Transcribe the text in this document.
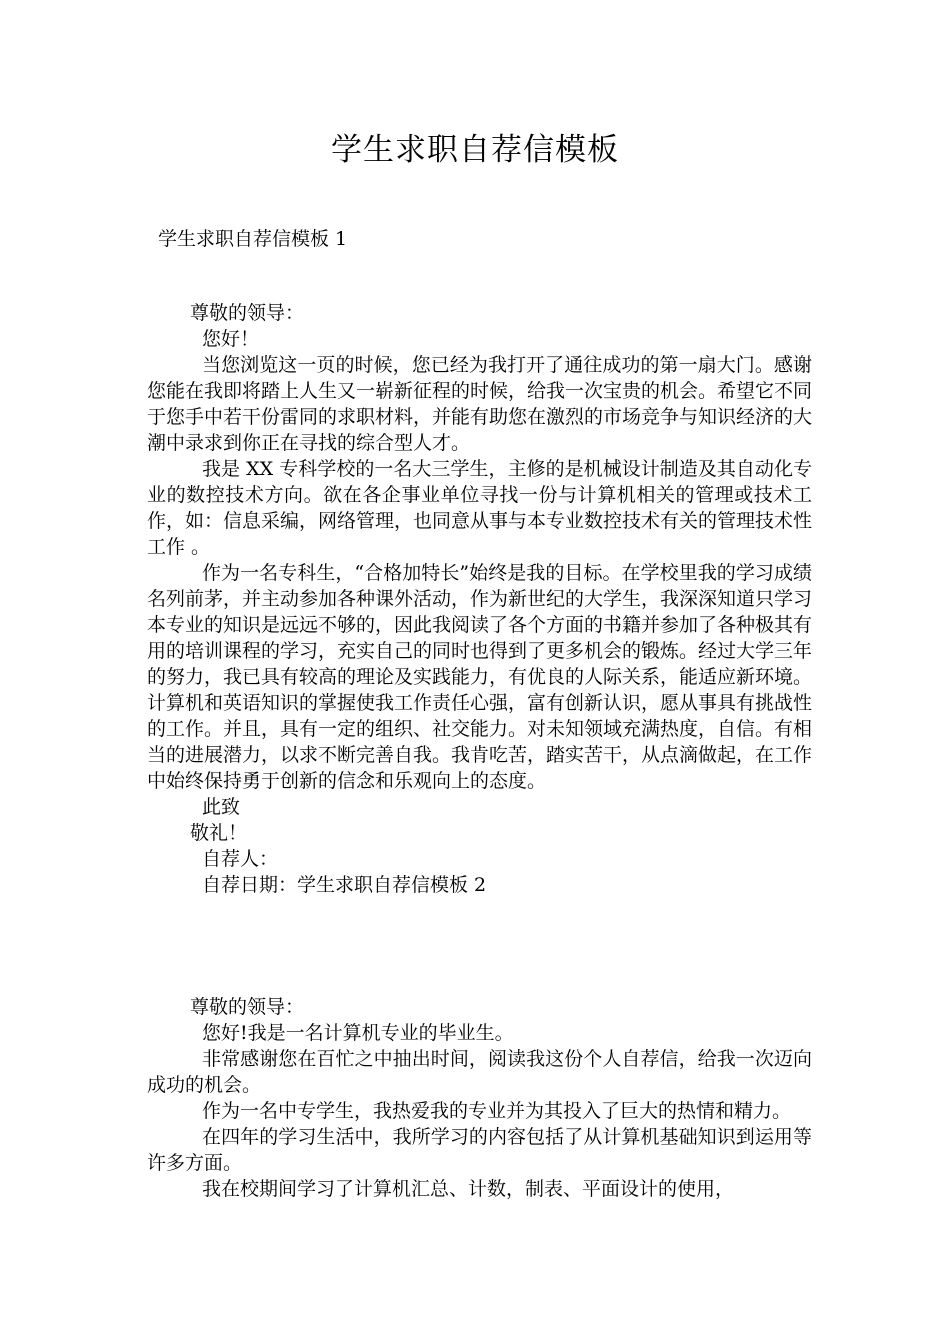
学生求职自荐信模板
学生求职自荐信模板 1

尊敬的领导：

您好！

当您浏览这一页的时候，您已经为我打开了通往成功的第一扇大门。感谢您能在我即将踏上人生又一崭新征程的时候，给我一次宝贵的机会。希望它不同于您手中若干份雷同的求职材料，并能有助您在激烈的市场竞争与知识经济的大潮中录求到你正在寻找的综合型人才。

我是 XX 专科学校的一名大三学生，主修的是机械设计制造及其自动化专业的数控技术方向。欲在各企事业单位寻找一份与计算机相关的管理或技术工作，如：信息采编，网络管理，也同意从事与本专业数控技术有关的管理技术性工作 。

作为一名专科生，“合格加特长”始终是我的目标。在学校里我的学习成绩名列前茅，并主动参加各种课外活动，作为新世纪的大学生，我深深知道只学习本专业的知识是远远不够的，因此我阅读了各个方面的书籍并参加了各种极其有用的培训课程的学习，充实自己的同时也得到了更多机会的锻炼。经过大学三年的努力，我已具有较高的理论及实践能力，有优良的人际关系，能适应新环境。计算机和英语知识的掌握使我工作责任心强，富有创新认识，愿从事具有挑战性的工作。并且，具有一定的组织、社交能力。对未知领域充满热度，自信。有相当的进展潜力，以求不断完善自我。我肯吃苦，踏实苦干，从点滴做起，在工作中始终保持勇于创新的信念和乐观向上的态度。

此致

敬礼！

自荐人：

自荐日期：学生求职自荐信模板 2

尊敬的领导：

您好!我是一名计算机专业的毕业生。

非常感谢您在百忙之中抽出时间，阅读我这份个人自荐信，给我一次迈向成功的机会。

作为一名中专学生，我热爱我的专业并为其投入了巨大的热情和精力。

在四年的学习生活中，我所学习的内容包括了从计算机基础知识到运用等许多方面。

我在校期间学习了计算机汇总、计数，制表、平面设计的使用，
